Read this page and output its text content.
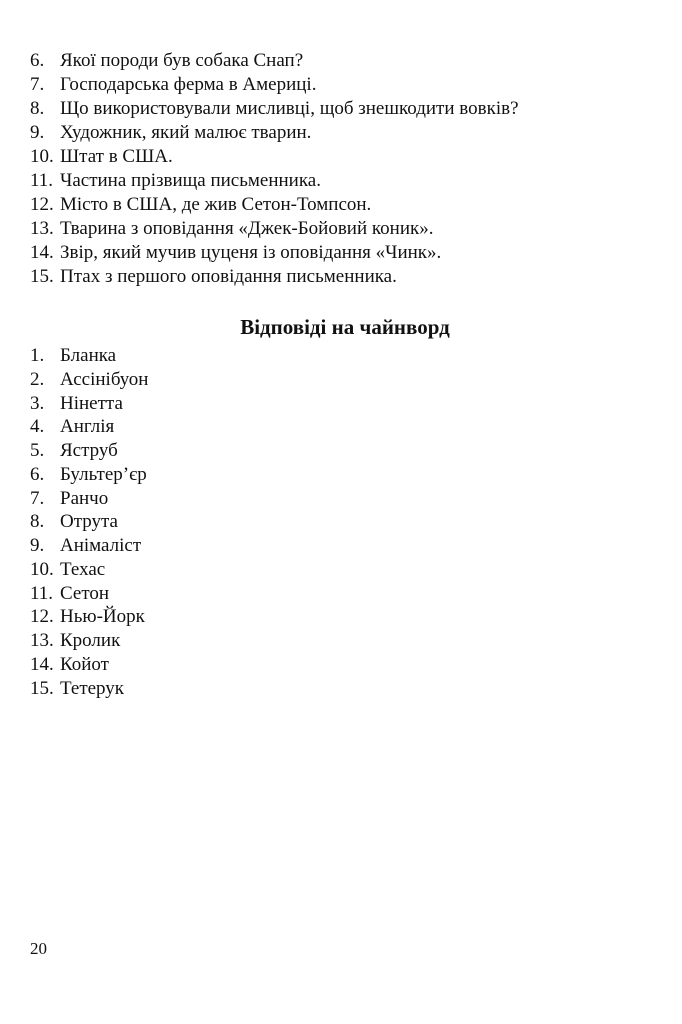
6. Якої породи був собака Снап?
7. Господарська ферма в Америці.
8. Що використовували мисливці, щоб знешкодити вовків?
9. Художник, який малює тварин.
10. Штат в США.
11. Частина прізвища письменника.
12. Місто в США, де жив Сетон-Томпсон.
13. Тварина з оповідання «Джек-Бойовий коник».
14. Звір, який мучив цуценя із оповідання «Чинк».
15. Птах з першого оповідання письменника.
Відповіді на чайнворд
1. Бланка
2. Ассінібуон
3. Нінетта
4. Англія
5. Яструб
6. Бультер’єр
7. Ранчо
8. Отрута
9. Анімаліст
10. Техас
11. Сетон
12. Нью-Йорк
13. Кролик
14. Койот
15. Тетерук
20
